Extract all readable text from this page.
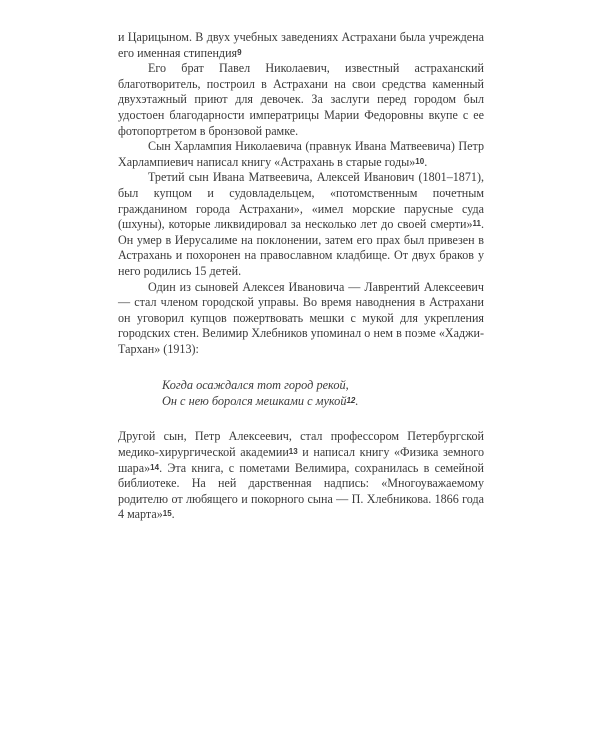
и Царицыном. В двух учебных заведениях Астрахани была учреждена его именная стипендия9

Его брат Павел Николаевич, известный астраханский благотворитель, построил в Астрахани на свои средства каменный двухэтажный приют для девочек. За заслуги перед городом был удостоен благодарности императрицы Марии Федоровны вкупе с ее фотопортретом в бронзовой рамке.

Сын Харлампия Николаевича (правнук Ивана Матвеевича) Петр Харлампиевич написал книгу «Астрахань в старые годы»10.

Третий сын Ивана Матвеевича, Алексей Иванович (1801–1871), был купцом и судовладельцем, «потомственным почетным гражданином города Астрахани», «имел морские парусные суда (шхуны), которые ликвидировал за несколько лет до своей смерти»11. Он умер в Иерусалиме на поклонении, затем его прах был привезен в Астрахань и похоронен на православном кладбище. От двух браков у него родились 15 детей.

Один из сыновей Алексея Ивановича — Лаврентий Алексеевич — стал членом городской управы. Во время наводнения в Астрахани он уговорил купцов пожертвовать мешки с мукой для укрепления городских стен. Велимир Хлебников упоминал о нем в поэме «Хаджи-Тархан» (1913):

Когда осаждался тот город рекой,
Он с нею боролся мешками с мукой12.

Другой сын, Петр Алексеевич, стал профессором Петербургской медико-хирургической академии13 и написал книгу «Физика земного шара»14. Эта книга, с пометами Велимира, сохранилась в семейной библиотеке. На ней дарственная надпись: «Многоуважаемому родителю от любящего и покорного сына — П. Хлебникова. 1866 года 4 марта»15.
